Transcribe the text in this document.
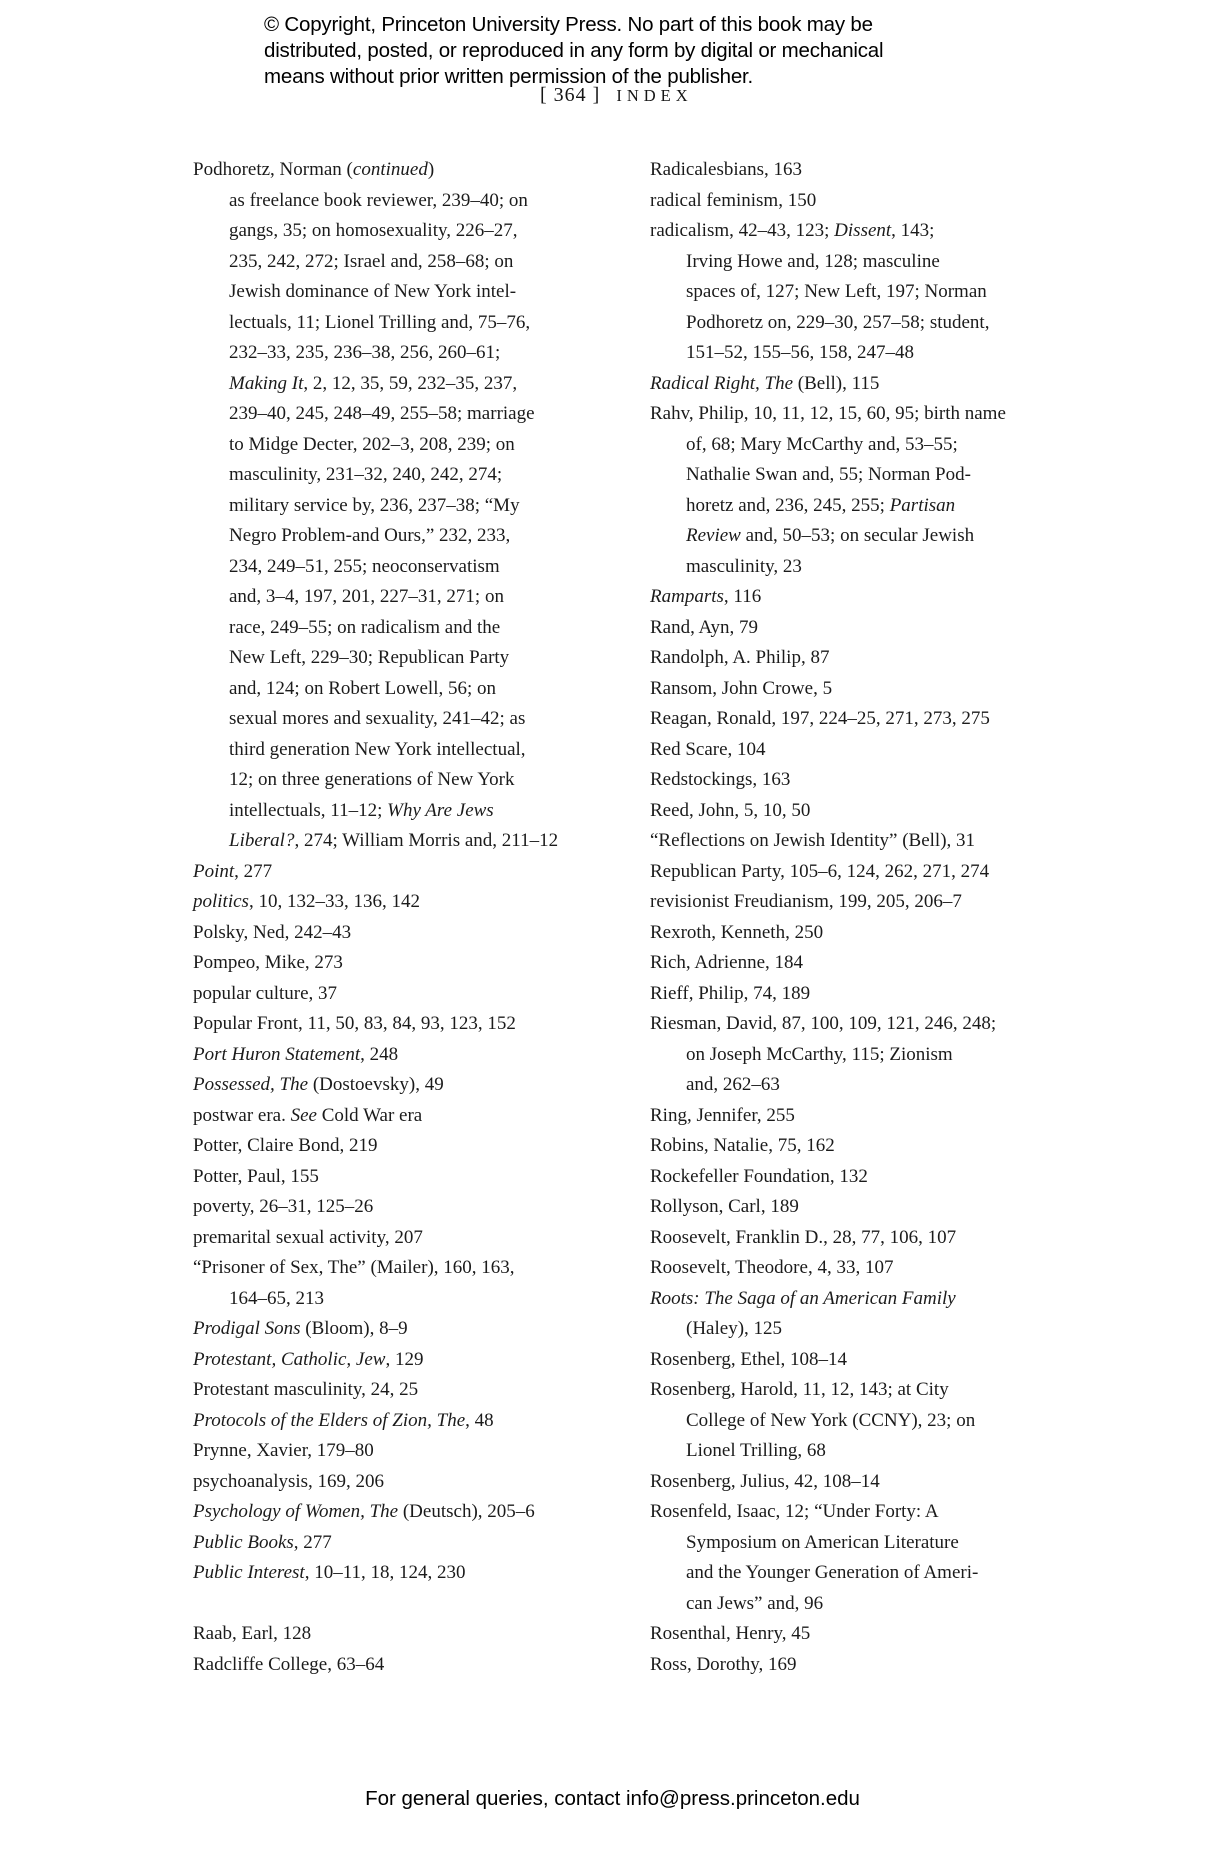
© Copyright, Princeton University Press. No part of this book may be
distributed, posted, or reproduced in any form by digital or mechanical
means without prior written permission of the publisher.
[ 364 ] INDEX
Podhoretz, Norman (continued)
as freelance book reviewer, 239–40; on
gangs, 35; on homosexuality, 226–27,
235, 242, 272; Israel and, 258–68; on
Jewish dominance of New York intel-
lectuals, 11; Lionel Trilling and, 75–76,
232–33, 235, 236–38, 256, 260–61;
Making It, 2, 12, 35, 59, 232–35, 237,
239–40, 245, 248–49, 255–58; marriage
to Midge Decter, 202–3, 208, 239; on
masculinity, 231–32, 240, 242, 274;
military service by, 236, 237–38; “My
Negro Problem-and Ours,” 232, 233,
234, 249–51, 255; neoconservatism
and, 3–4, 197, 201, 227–31, 271; on
race, 249–55; on radicalism and the
New Left, 229–30; Republican Party
and, 124; on Robert Lowell, 56; on
sexual mores and sexuality, 241–42; as
third generation New York intellectual,
12; on three generations of New York
intellectuals, 11–12; Why Are Jews
Liberal?, 274; William Morris and, 211–12
Point, 277
politics, 10, 132–33, 136, 142
Polsky, Ned, 242–43
Pompeo, Mike, 273
popular culture, 37
Popular Front, 11, 50, 83, 84, 93, 123, 152
Port Huron Statement, 248
Possessed, The (Dostoevsky), 49
postwar era. See Cold War era
Potter, Claire Bond, 219
Potter, Paul, 155
poverty, 26–31, 125–26
premarital sexual activity, 207
“Prisoner of Sex, The” (Mailer), 160, 163,
164–65, 213
Prodigal Sons (Bloom), 8–9
Protestant, Catholic, Jew, 129
Protestant masculinity, 24, 25
Protocols of the Elders of Zion, The, 48
Prynne, Xavier, 179–80
psychoanalysis, 169, 206
Psychology of Women, The (Deutsch), 205–6
Public Books, 277
Public Interest, 10–11, 18, 124, 230
Raab, Earl, 128
Radcliffe College, 63–64
Radicalesbians, 163
radical feminism, 150
radicalism, 42–43, 123; Dissent, 143;
Irving Howe and, 128; masculine
spaces of, 127; New Left, 197; Norman
Podhoretz on, 229–30, 257–58; student,
151–52, 155–56, 158, 247–48
Radical Right, The (Bell), 115
Rahv, Philip, 10, 11, 12, 15, 60, 95; birth name
of, 68; Mary McCarthy and, 53–55;
Nathalie Swan and, 55; Norman Pod-
horetz and, 236, 245, 255; Partisan
Review and, 50–53; on secular Jewish
masculinity, 23
Ramparts, 116
Rand, Ayn, 79
Randolph, A. Philip, 87
Ransom, John Crowe, 5
Reagan, Ronald, 197, 224–25, 271, 273, 275
Red Scare, 104
Redstockings, 163
Reed, John, 5, 10, 50
“Reflections on Jewish Identity” (Bell), 31
Republican Party, 105–6, 124, 262, 271, 274
revisionist Freudianism, 199, 205, 206–7
Rexroth, Kenneth, 250
Rich, Adrienne, 184
Rieff, Philip, 74, 189
Riesman, David, 87, 100, 109, 121, 246, 248;
on Joseph McCarthy, 115; Zionism
and, 262–63
Ring, Jennifer, 255
Robins, Natalie, 75, 162
Rockefeller Foundation, 132
Rollyson, Carl, 189
Roosevelt, Franklin D., 28, 77, 106, 107
Roosevelt, Theodore, 4, 33, 107
Roots: The Saga of an American Family
(Haley), 125
Rosenberg, Ethel, 108–14
Rosenberg, Harold, 11, 12, 143; at City
College of New York (CCNY), 23; on
Lionel Trilling, 68
Rosenberg, Julius, 42, 108–14
Rosenfeld, Isaac, 12; “Under Forty: A
Symposium on American Literature
and the Younger Generation of Ameri-
can Jews” and, 96
Rosenthal, Henry, 45
Ross, Dorothy, 169
For general queries, contact info@press.princeton.edu
